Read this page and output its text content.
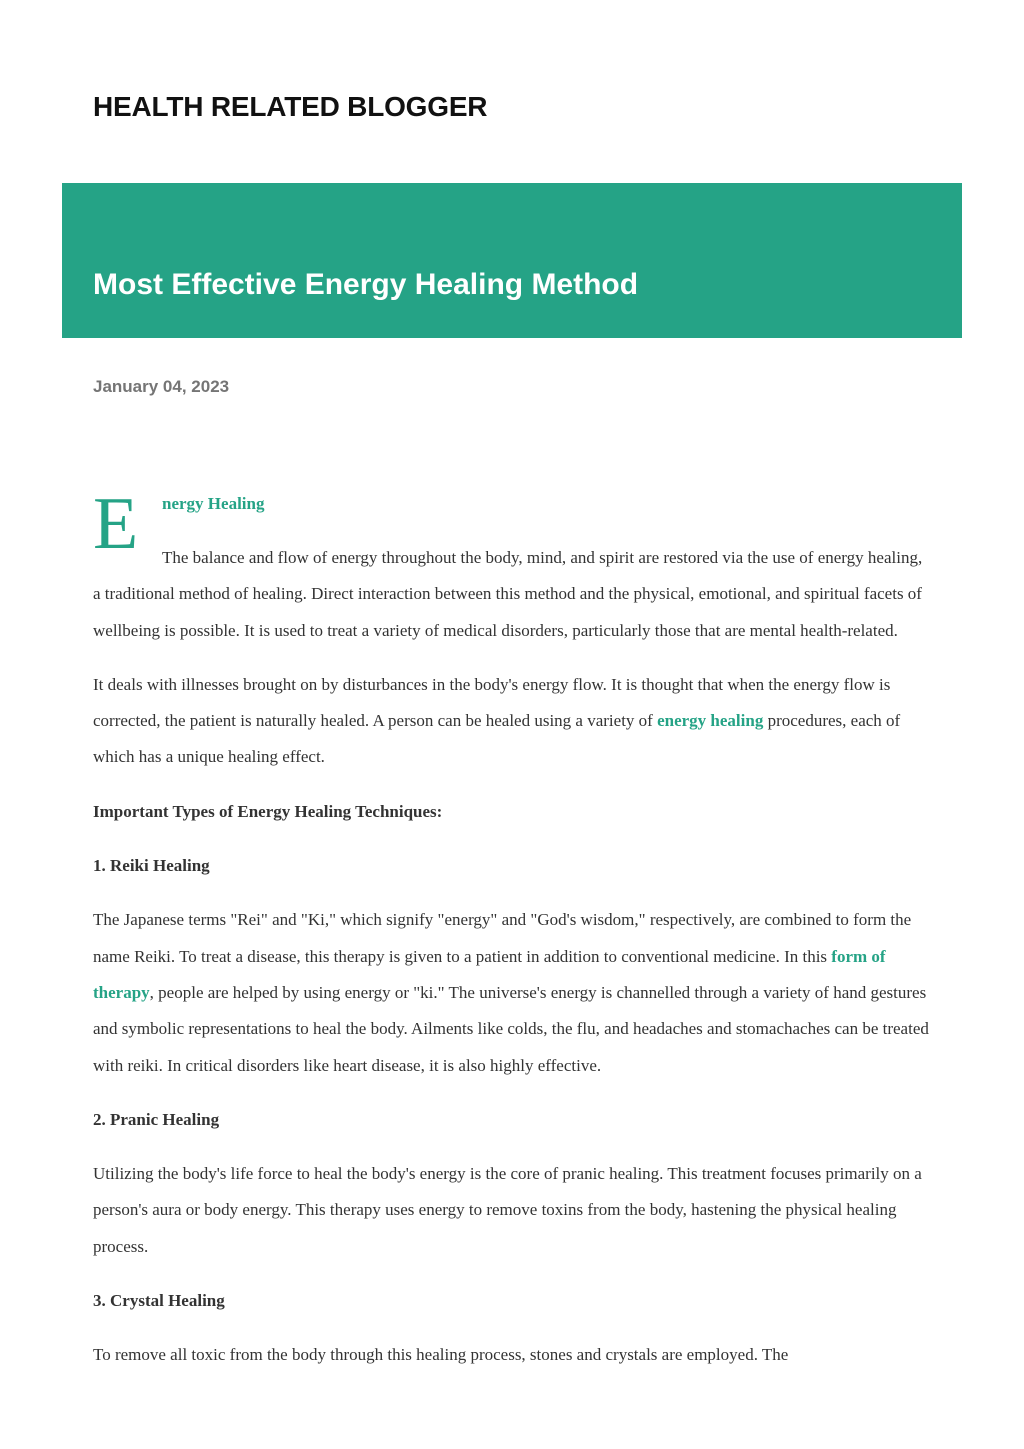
HEALTH RELATED BLOGGER
Most Effective Energy Healing Method
January 04, 2023
E nergy Healing

The balance and flow of energy throughout the body, mind, and spirit are restored via the use of energy healing, a traditional method of healing. Direct interaction between this method and the physical, emotional, and spiritual facets of wellbeing is possible. It is used to treat a variety of medical disorders, particularly those that are mental health-related.

It deals with illnesses brought on by disturbances in the body's energy flow. It is thought that when the energy flow is corrected, the patient is naturally healed. A person can be healed using a variety of energy healing procedures, each of which has a unique healing effect.

Important Types of Energy Healing Techniques:

1. Reiki Healing

The Japanese terms "Rei" and "Ki," which signify "energy" and "God's wisdom," respectively, are combined to form the name Reiki. To treat a disease, this therapy is given to a patient in addition to conventional medicine. In this form of therapy, people are helped by using energy or "ki." The universe's energy is channelled through a variety of hand gestures and symbolic representations to heal the body. Ailments like colds, the flu, and headaches and stomachaches can be treated with reiki. In critical disorders like heart disease, it is also highly effective.

2. Pranic Healing

Utilizing the body's life force to heal the body's energy is the core of pranic healing. This treatment focuses primarily on a person's aura or body energy. This therapy uses energy to remove toxins from the body, hastening the physical healing process.

3. Crystal Healing

To remove all toxic from the body through this healing process, stones and crystals are employed. The
